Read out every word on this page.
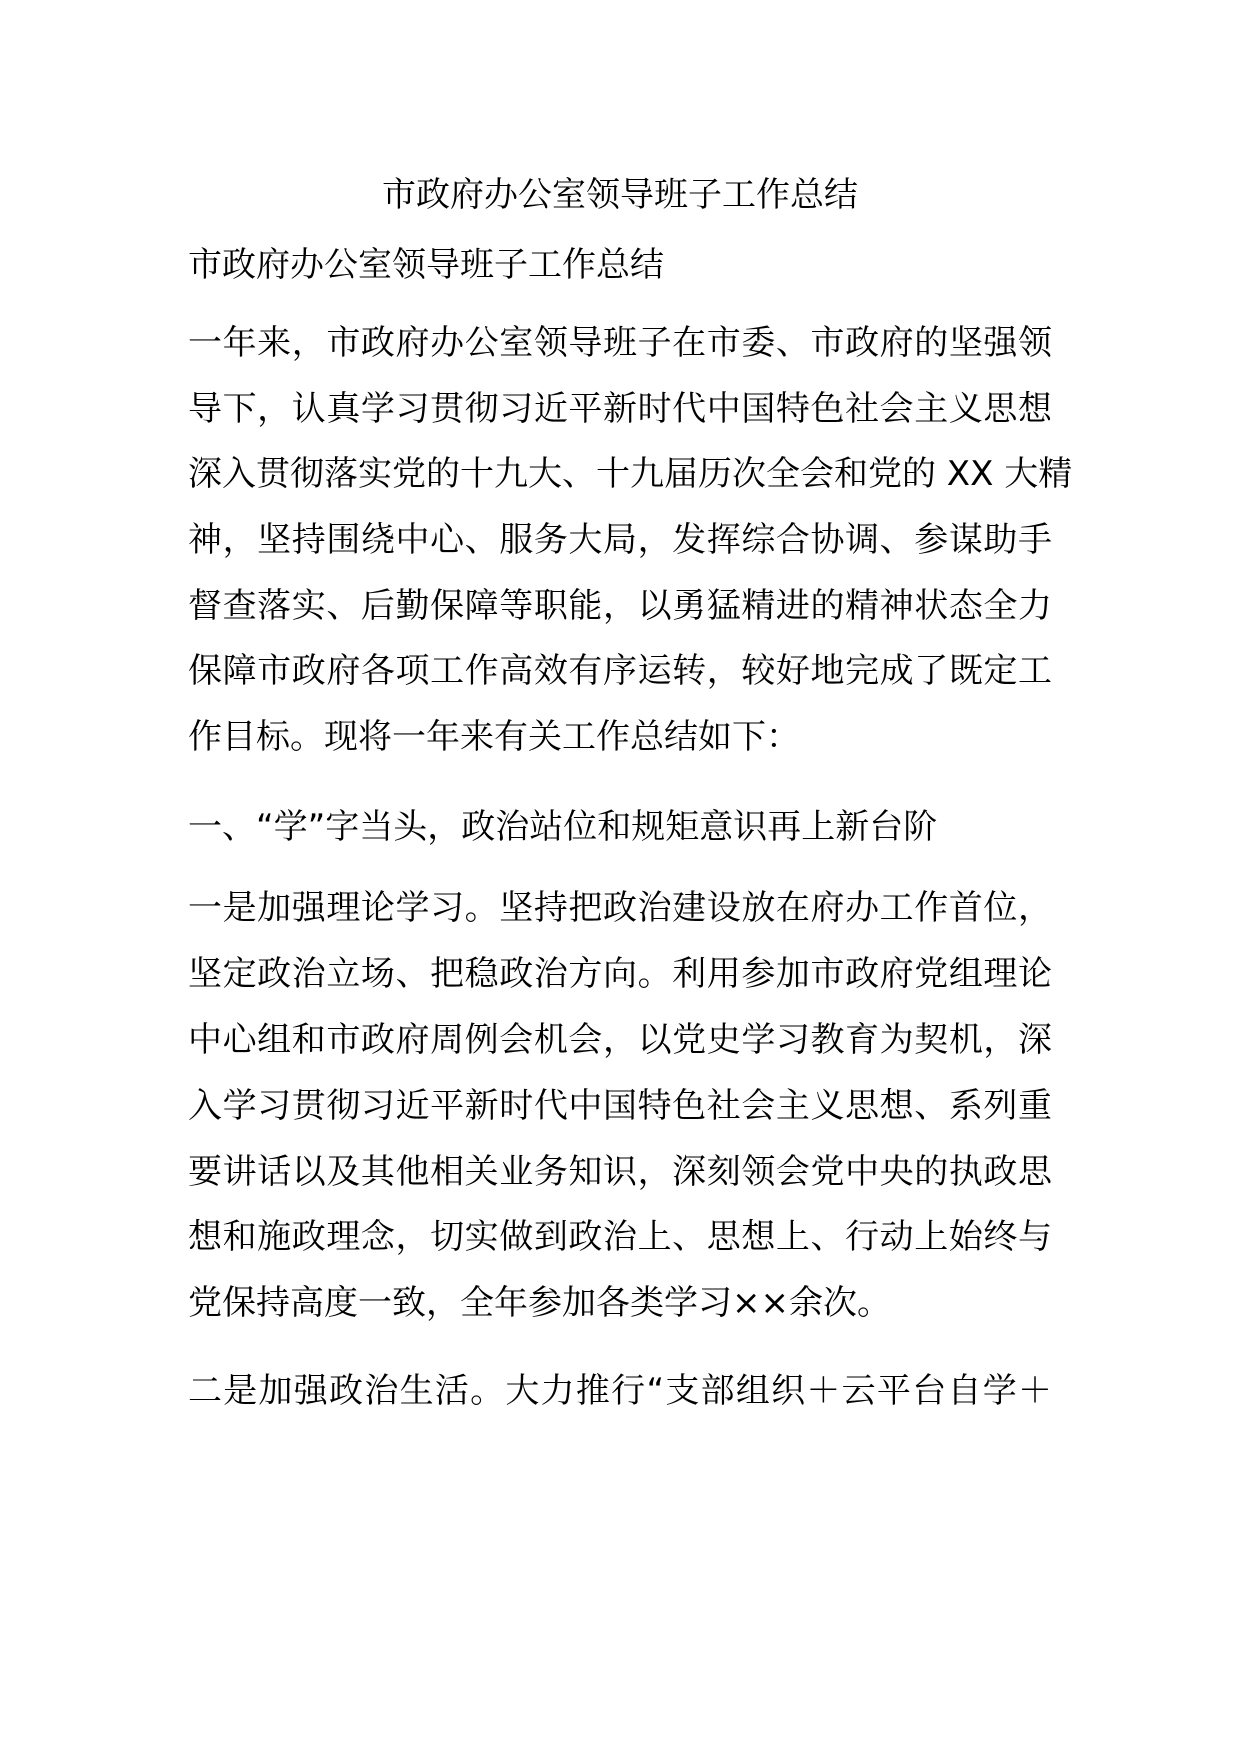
市政府办公室领导班子工作总结
市政府办公室领导班子工作总结
一年来，市政府办公室领导班子在市委、市政府的坚强领
导下，认真学习贯彻习近平新时代中国特色社会主义思想
深入贯彻落实党的十九大、十九届历次全会和党的 XX 大精
神，坚持围绕中心、服务大局，发挥综合协调、参谋助手
督查落实、后勤保障等职能，以勇猛精进的精神状态全力
保障市政府各项工作高效有序运转，较好地完成了既定工
作目标。现将一年来有关工作总结如下：
一、“学”字当头，政治站位和规矩意识再上新台阶
一是加强理论学习。坚持把政治建设放在府办工作首位，
坚定政治立场、把稳政治方向。利用参加市政府党组理论
中心组和市政府周例会机会，以党史学习教育为契机，深
入学习贯彻习近平新时代中国特色社会主义思想、系列重
要讲话以及其他相关业务知识，深刻领会党中央的执政思
想和施政理念，切实做到政治上、思想上、行动上始终与
党保持高度一致，全年参加各类学习××余次。
二是加强政治生活。大力推行“支部组织＋云平台自学＋
